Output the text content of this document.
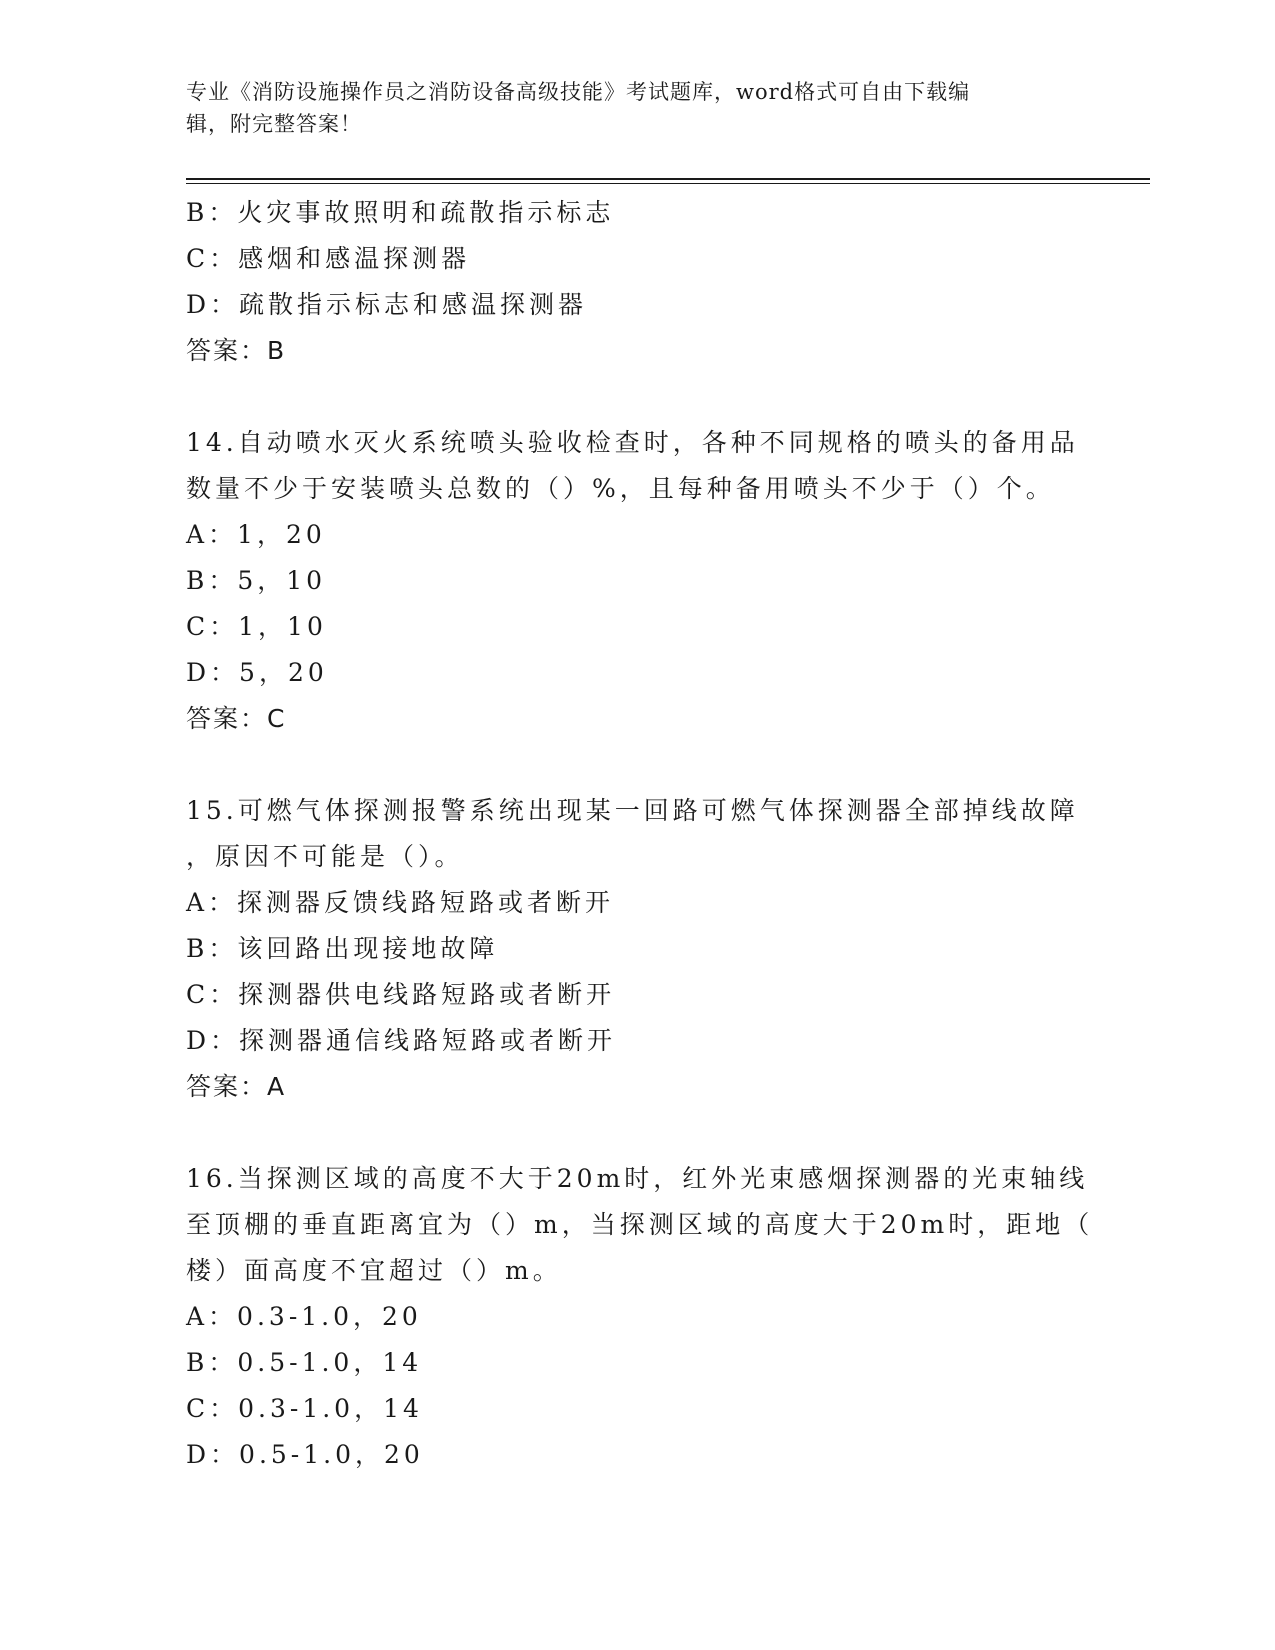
专业《消防设施操作员之消防设备高级技能》考试题库，word格式可自由下载编
辑，附完整答案！
B：火灾事故照明和疏散指示标志
C：感烟和感温探测器
D：疏散指示标志和感温探测器
答案：B
14.自动喷水灭火系统喷头验收检查时，各种不同规格的喷头的备用品
数量不少于安装喷头总数的（）%，且每种备用喷头不少于（）个。
A：1，20
B：5，10
C：1，10
D：5，20
答案：C
15.可燃气体探测报警系统出现某一回路可燃气体探测器全部掉线故障
，原因不可能是（）。
A：探测器反馈线路短路或者断开
B：该回路出现接地故障
C：探测器供电线路短路或者断开
D：探测器通信线路短路或者断开
答案：A
16.当探测区域的高度不大于20m时，红外光束感烟探测器的光束轴线
至顶棚的垂直距离宜为（）m，当探测区域的高度大于20m时，距地（
楼）面高度不宜超过（）m。
A：0.3-1.0，20
B：0.5-1.0，14
C：0.3-1.0，14
D：0.5-1.0，20
